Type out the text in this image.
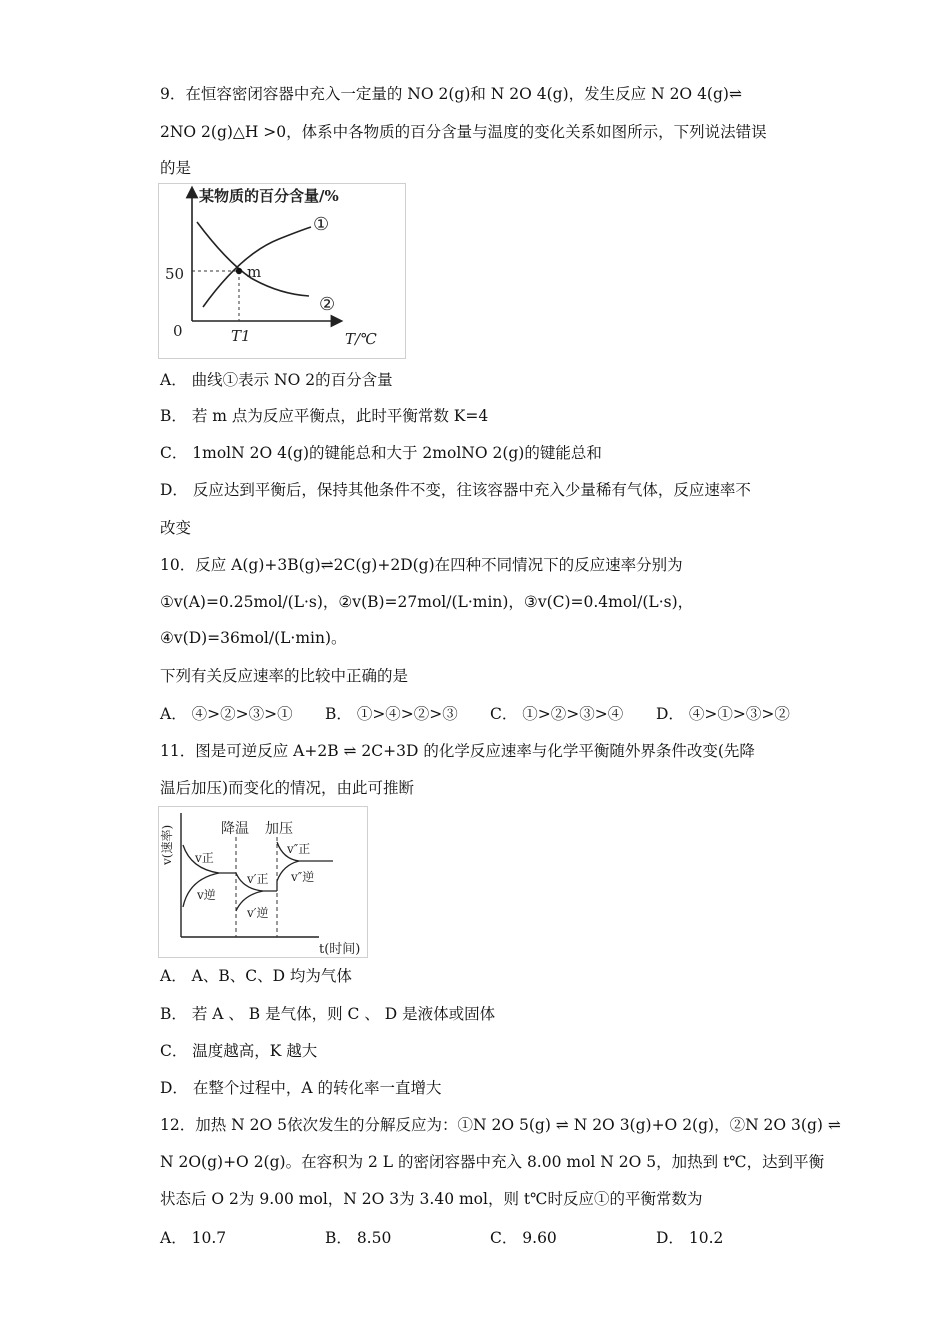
9．在恒容密闭容器中充入一定量的 NO 2(g)和 N 2O 4(g)，发生反应 N 2O 4(g)⇌
2NO 2(g)△H >0，体系中各物质的百分含量与温度的变化关系如图所示，下列说法错误
的是
某物质的百分含量/%
T/℃
50
0	T1
m
①
②
A． 曲线①表示 NO 2的百分含量
B． 若 m 点为反应平衡点，此时平衡常数 K=4
C． 1molN 2O 4(g)的键能总和大于 2molNO 2(g)的键能总和
D． 反应达到平衡后，保持其他条件不变，往该容器中充入少量稀有气体，反应速率不
改变
10．反应 A(g)+3B(g)⇌2C(g)+2D(g)在四种不同情况下的反应速率分别为
①v(A)=0.25mol/(L·s)，②v(B)=27mol/(L·min)，③v(C)=0.4mol/(L·s)，
④v(D)=36mol/(L·min)。
下列有关反应速率的比较中正确的是
A． ④>②>③>① B． ①>④>②>③ C． ①>②>③>④ D． ④>①>③>②
11．图是可逆反应 A+2B ⇌ 2C+3D 的化学反应速率与化学平衡随外界条件改变(先降
温后加压)而变化的情况，由此可推断
v(速率)
t(时间)
降温 加压
v正
v逆
v′正
v′逆
v″正
v″逆
A． A、B、C、D 均为气体
B． 若 A 、 B 是气体，则 C 、 D 是液体或固体
C． 温度越高，K 越大
D． 在整个过程中，A 的转化率一直增大
12．加热 N 2O 5依次发生的分解反应为：①N 2O 5(g) ⇌ N 2O 3(g)+O 2(g)，②N 2O 3(g) ⇌
N 2O(g)+O 2(g)。在容积为 2 L 的密闭容器中充入 8.00 mol N 2O 5，加热到 t℃，达到平衡
状态后 O 2为 9.00 mol，N 2O 3为 3.40 mol，则 t℃时反应①的平衡常数为
A． 10.7	B． 8.50	C． 9.60	D． 10.2
